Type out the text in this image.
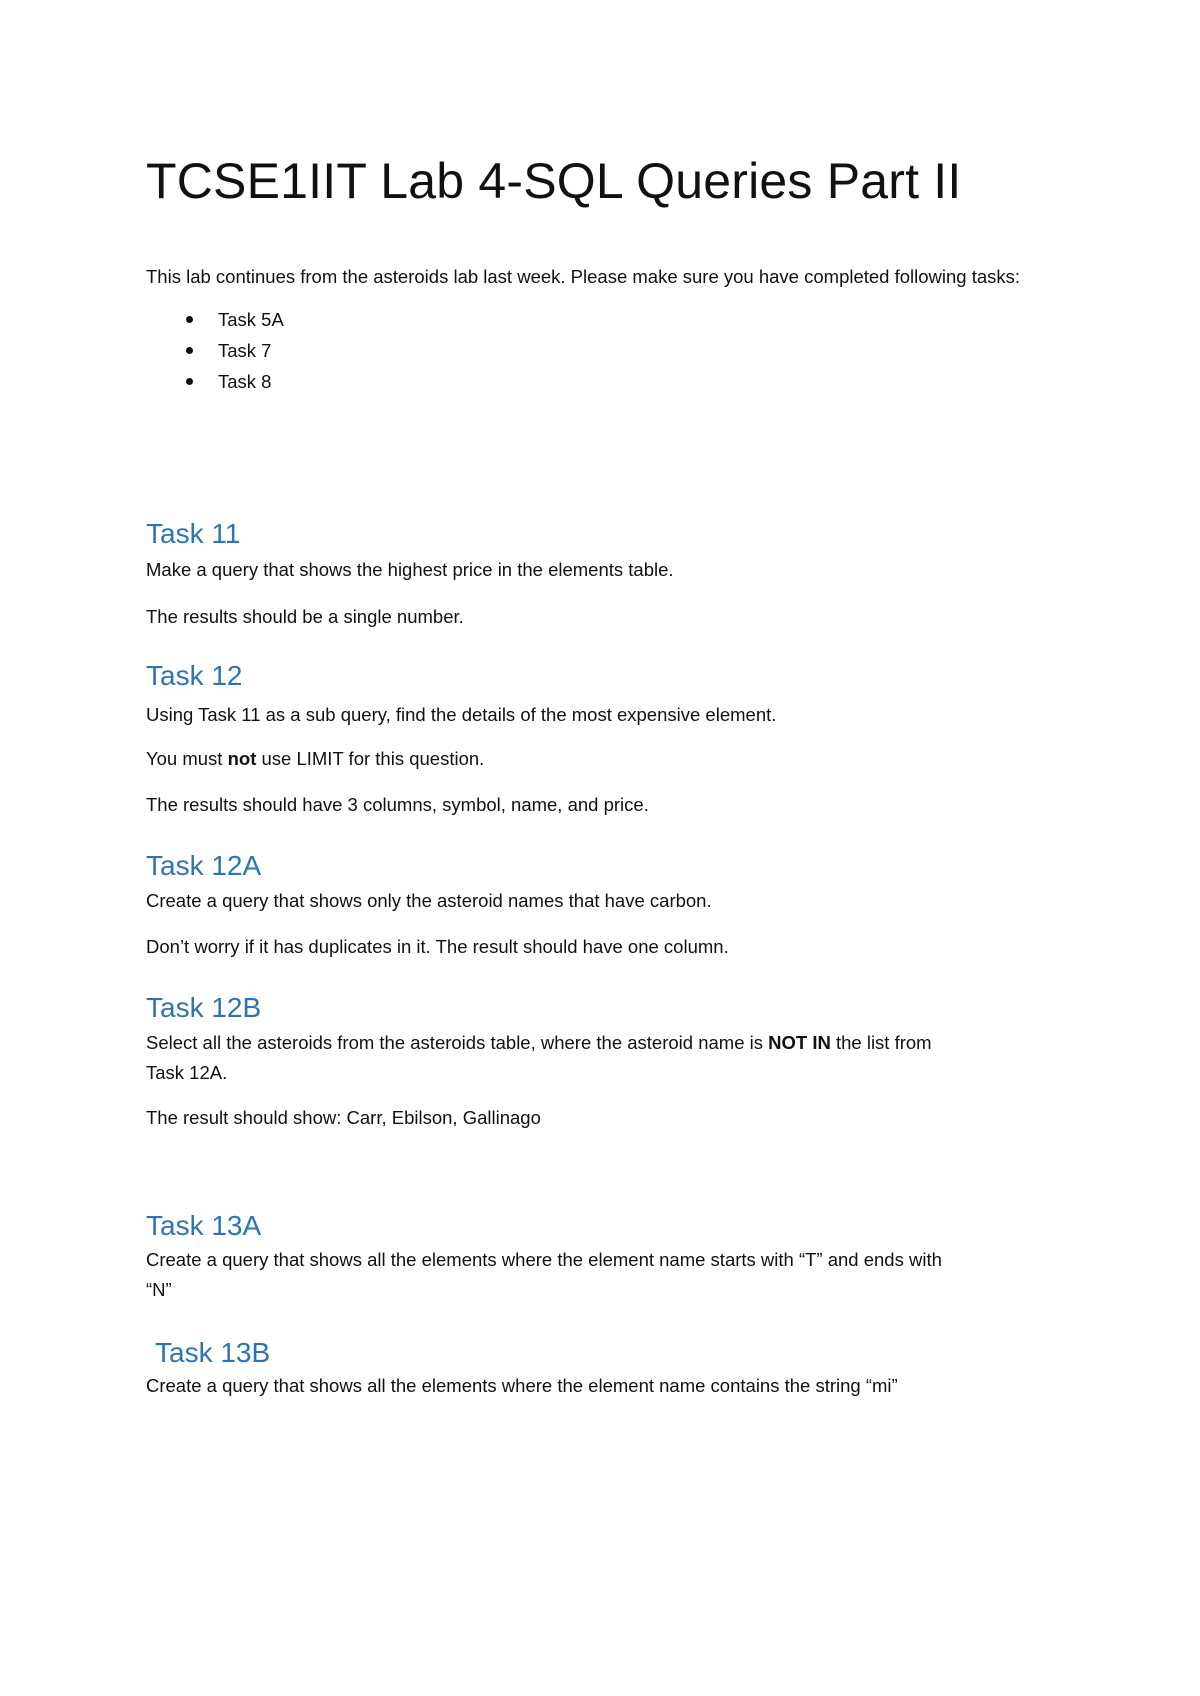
TCSE1IIT Lab 4-SQL Queries Part II
This lab continues from the asteroids lab last week. Please make sure you have completed following tasks:
Task 5A
Task 7
Task 8
Task 11
Make a query that shows the highest price in the elements table.
The results should be a single number.
Task 12
Using Task 11 as a sub query, find the details of the most expensive element.
You must not use LIMIT for this question.
The results should have 3 columns, symbol, name, and price.
Task 12A
Create a query that shows only the asteroid names that have carbon.
Don’t worry if it has duplicates in it. The result should have one column.
Task 12B
Select all the asteroids from the asteroids table, where the asteroid name is NOT IN the list from
Task 12A.
The result should show: Carr, Ebilson, Gallinago
Task 13A
Create a query that shows all the elements where the element name starts with “T” and ends with
“N”
Task 13B
Create a query that shows all the elements where the element name contains the string “mi”
